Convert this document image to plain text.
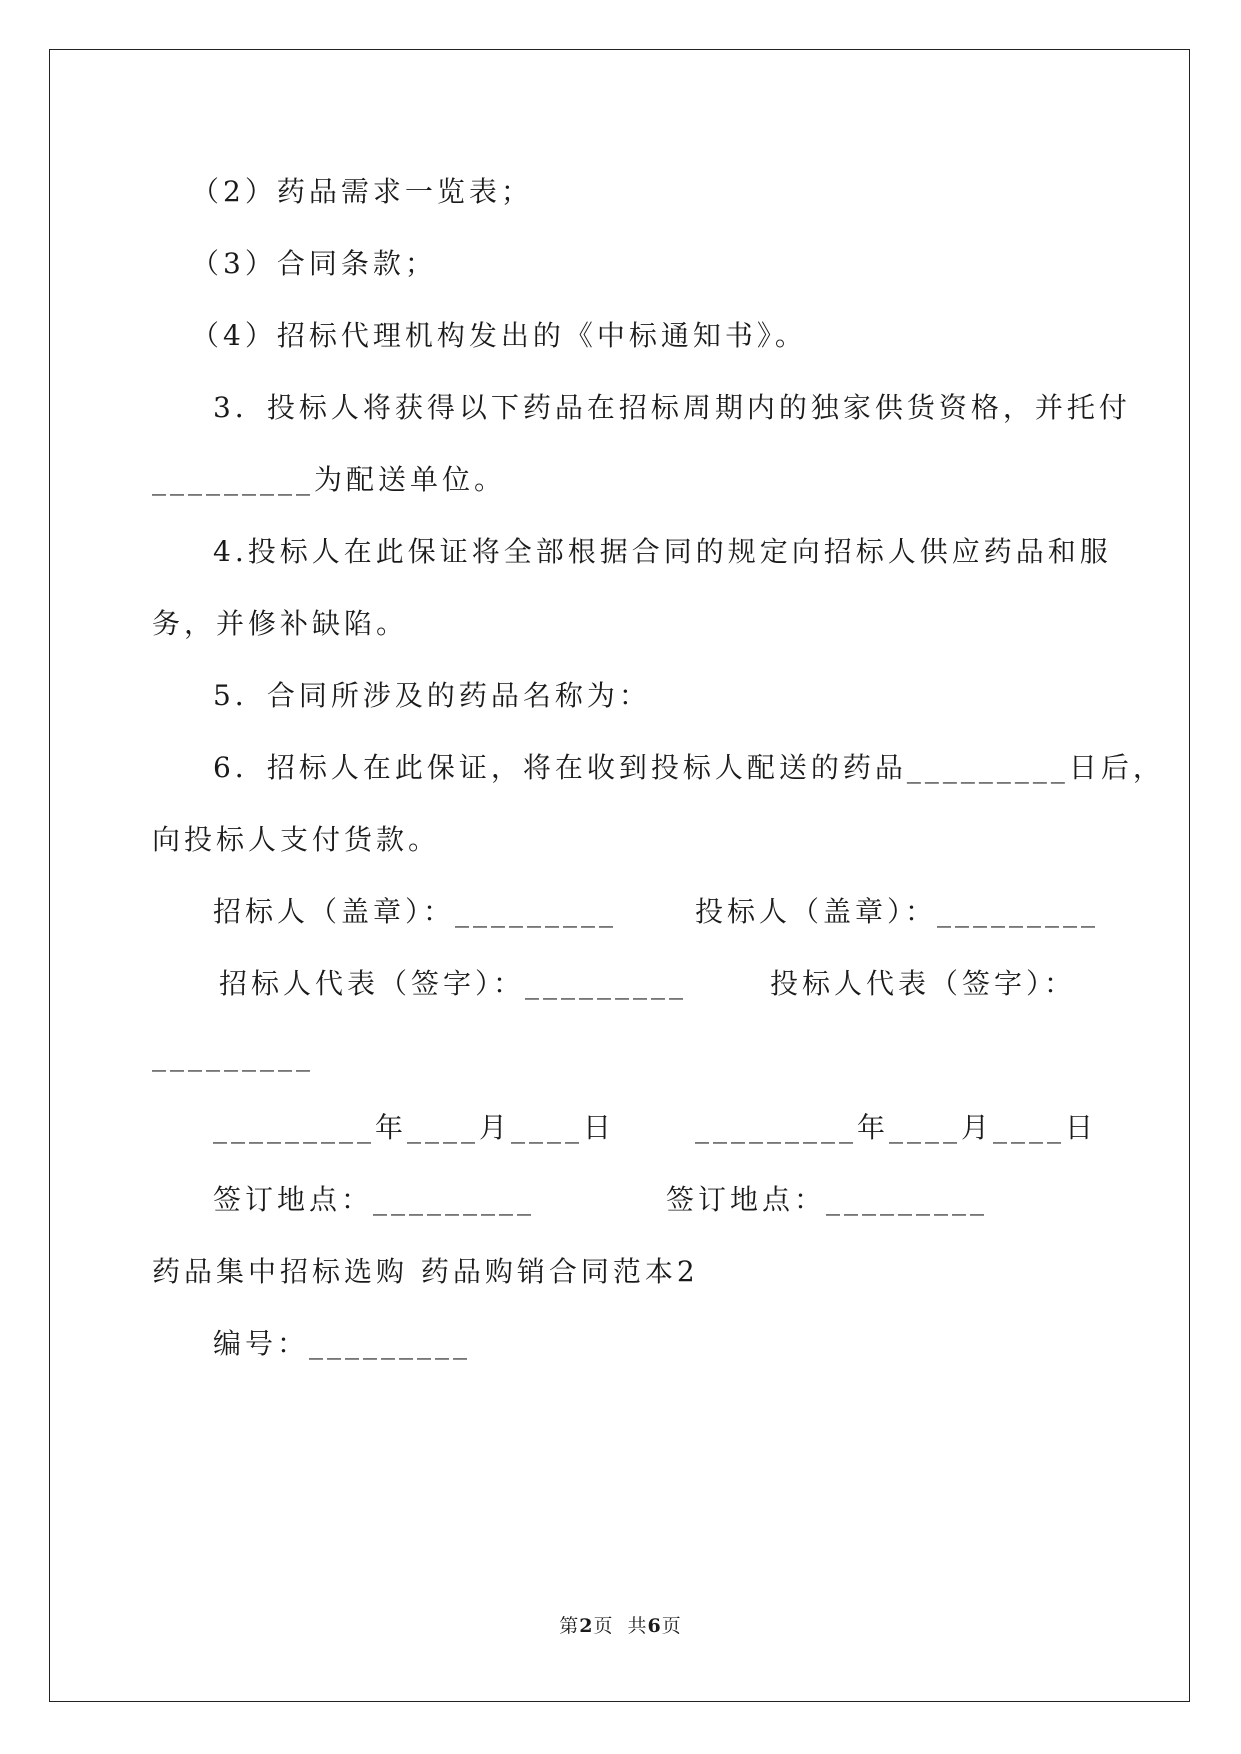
（2）药品需求一览表；
（3）合同条款；
（4）招标代理机构发出的《中标通知书》。
3．投标人将获得以下药品在招标周期内的独家供货资格，并托付
_________为配送单位。
4.投标人在此保证将全部根据合同的规定向招标人供应药品和服
务，并修补缺陷。
5．合同所涉及的药品名称为：
6．招标人在此保证，将在收到投标人配送的药品_________日后，
向投标人支付货款。
招标人（盖章）：_________	投标人（盖章）：_________
招标人代表（签字）：_________	投标人代表（签字）：
_________
_________年____月____日	_________年____月____日
签订地点：_________	签订地点：_________
药品集中招标选购 药品购销合同范本2
编号：_________
第2页  共6页
